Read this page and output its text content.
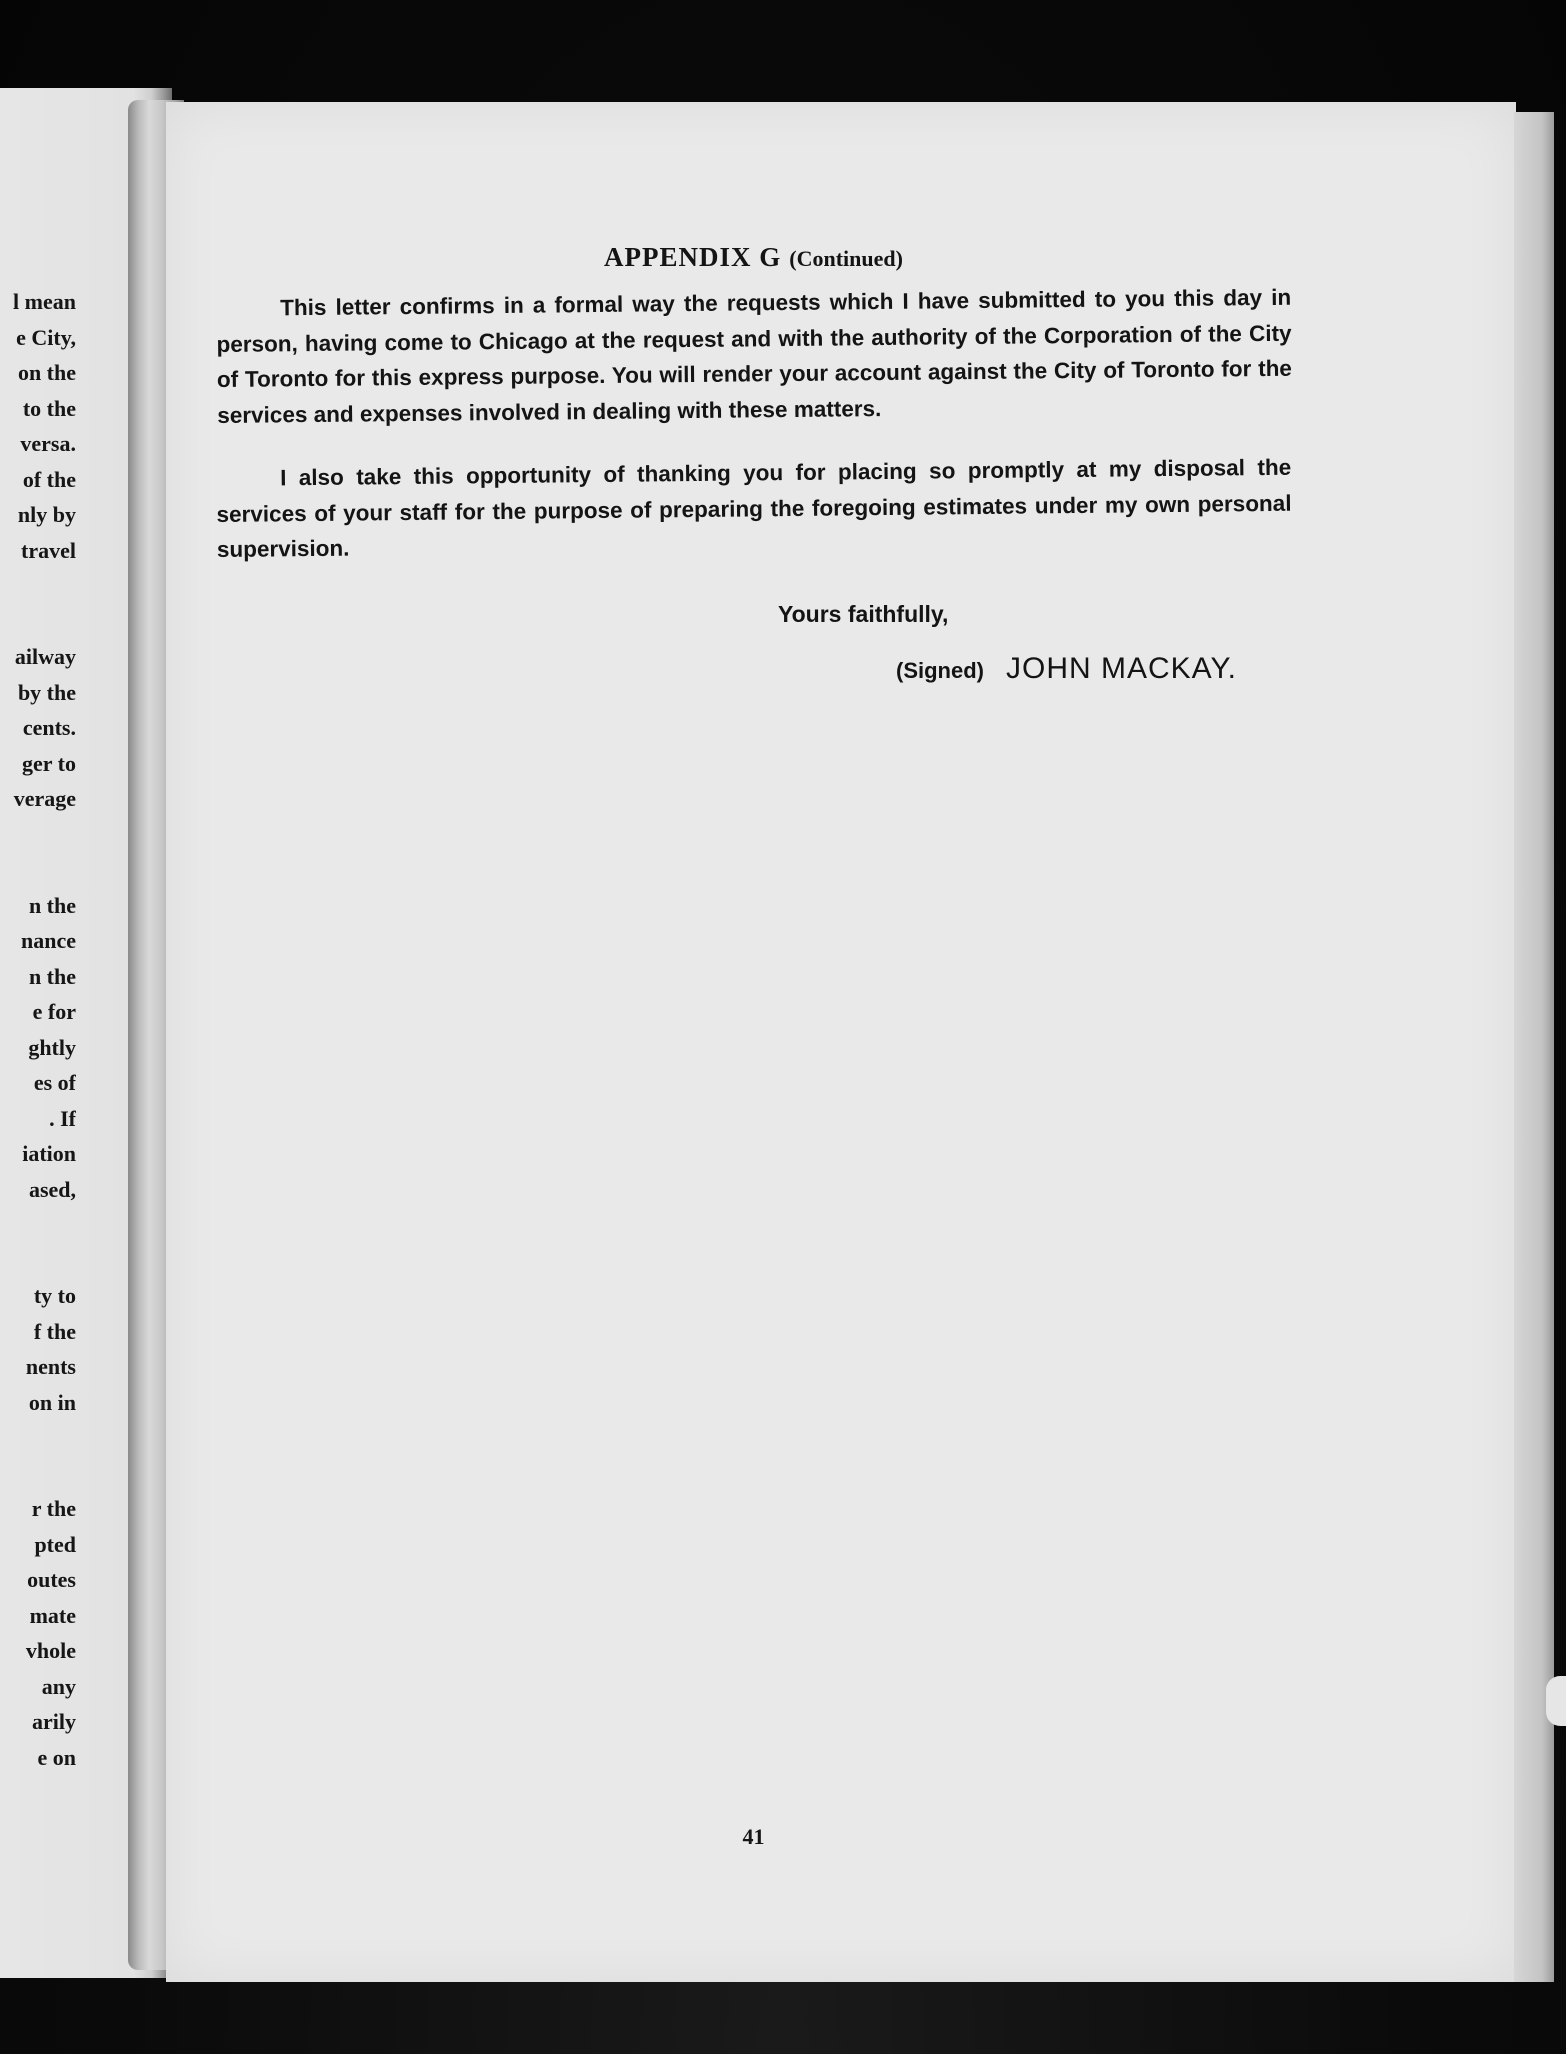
l mean
e City,
on the
to the
versa.
of the
nly by
travel
ailway
by the
cents.
ger to
verage
n the
nance
n the
e for
ghtly
es of
. If
iation
ased,
ty to
f the
nents
on in
r the
pted
outes
mate
vhole
any
arily
e on
APPENDIX G (Continued)

This letter confirms in a formal way the requests which I have submitted to you this day in person, having come to Chicago at the request and with the authority of the Corporation of the City of Toronto for this express purpose. You will render your account against the City of Toronto for the services and expenses involved in dealing with these matters.

I also take this opportunity of thanking you for placing so promptly at my disposal the services of your staff for the purpose of preparing the foregoing estimates under my own personal supervision.

Yours faithfully,
(Signed) JOHN MACKAY.
41
